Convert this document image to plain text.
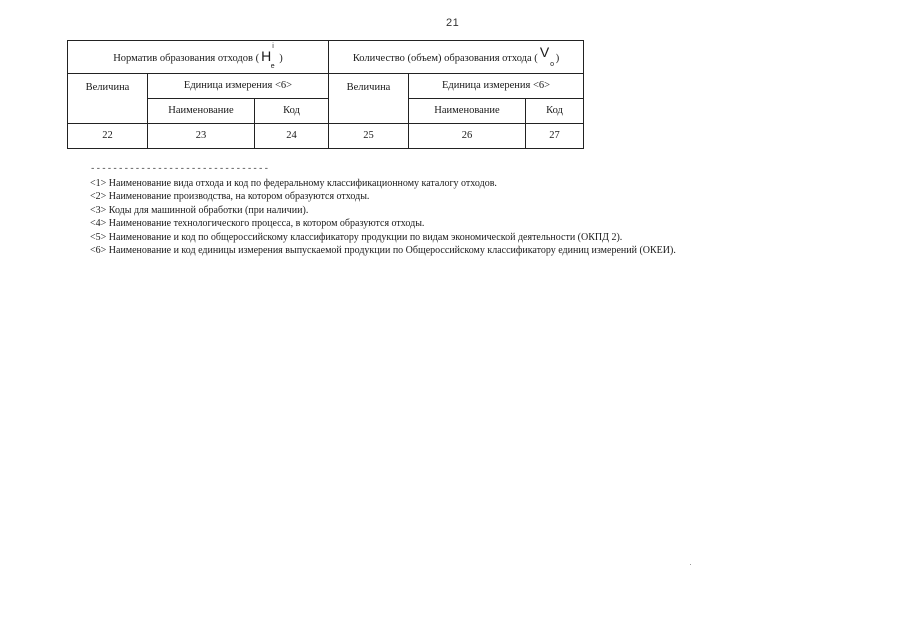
21
Норматив образования отходов ( $H^i_e$ )			Количество (объем) образования отхода ( $V_o$ )		
Величина	Единица измерения <6>		Величина	Единица измерения <6>	
	Наименование	Код		Наименование	Код
22	23	24	25	26	27
--------------------------------
<1> Наименование вида отхода и код по федеральному классификационному каталогу отходов.
<2> Наименование производства, на котором образуются отходы.
<3> Коды для машинной обработки (при наличии).
<4> Наименование технологического процесса, в котором образуются отходы.
<5> Наименование и код по общероссийскому классификатору продукции по видам экономической деятельности (ОКПД 2).
<6> Наименование и код единицы измерения выпускаемой продукции по Общероссийскому классификатору единиц измерений (ОКЕИ).
